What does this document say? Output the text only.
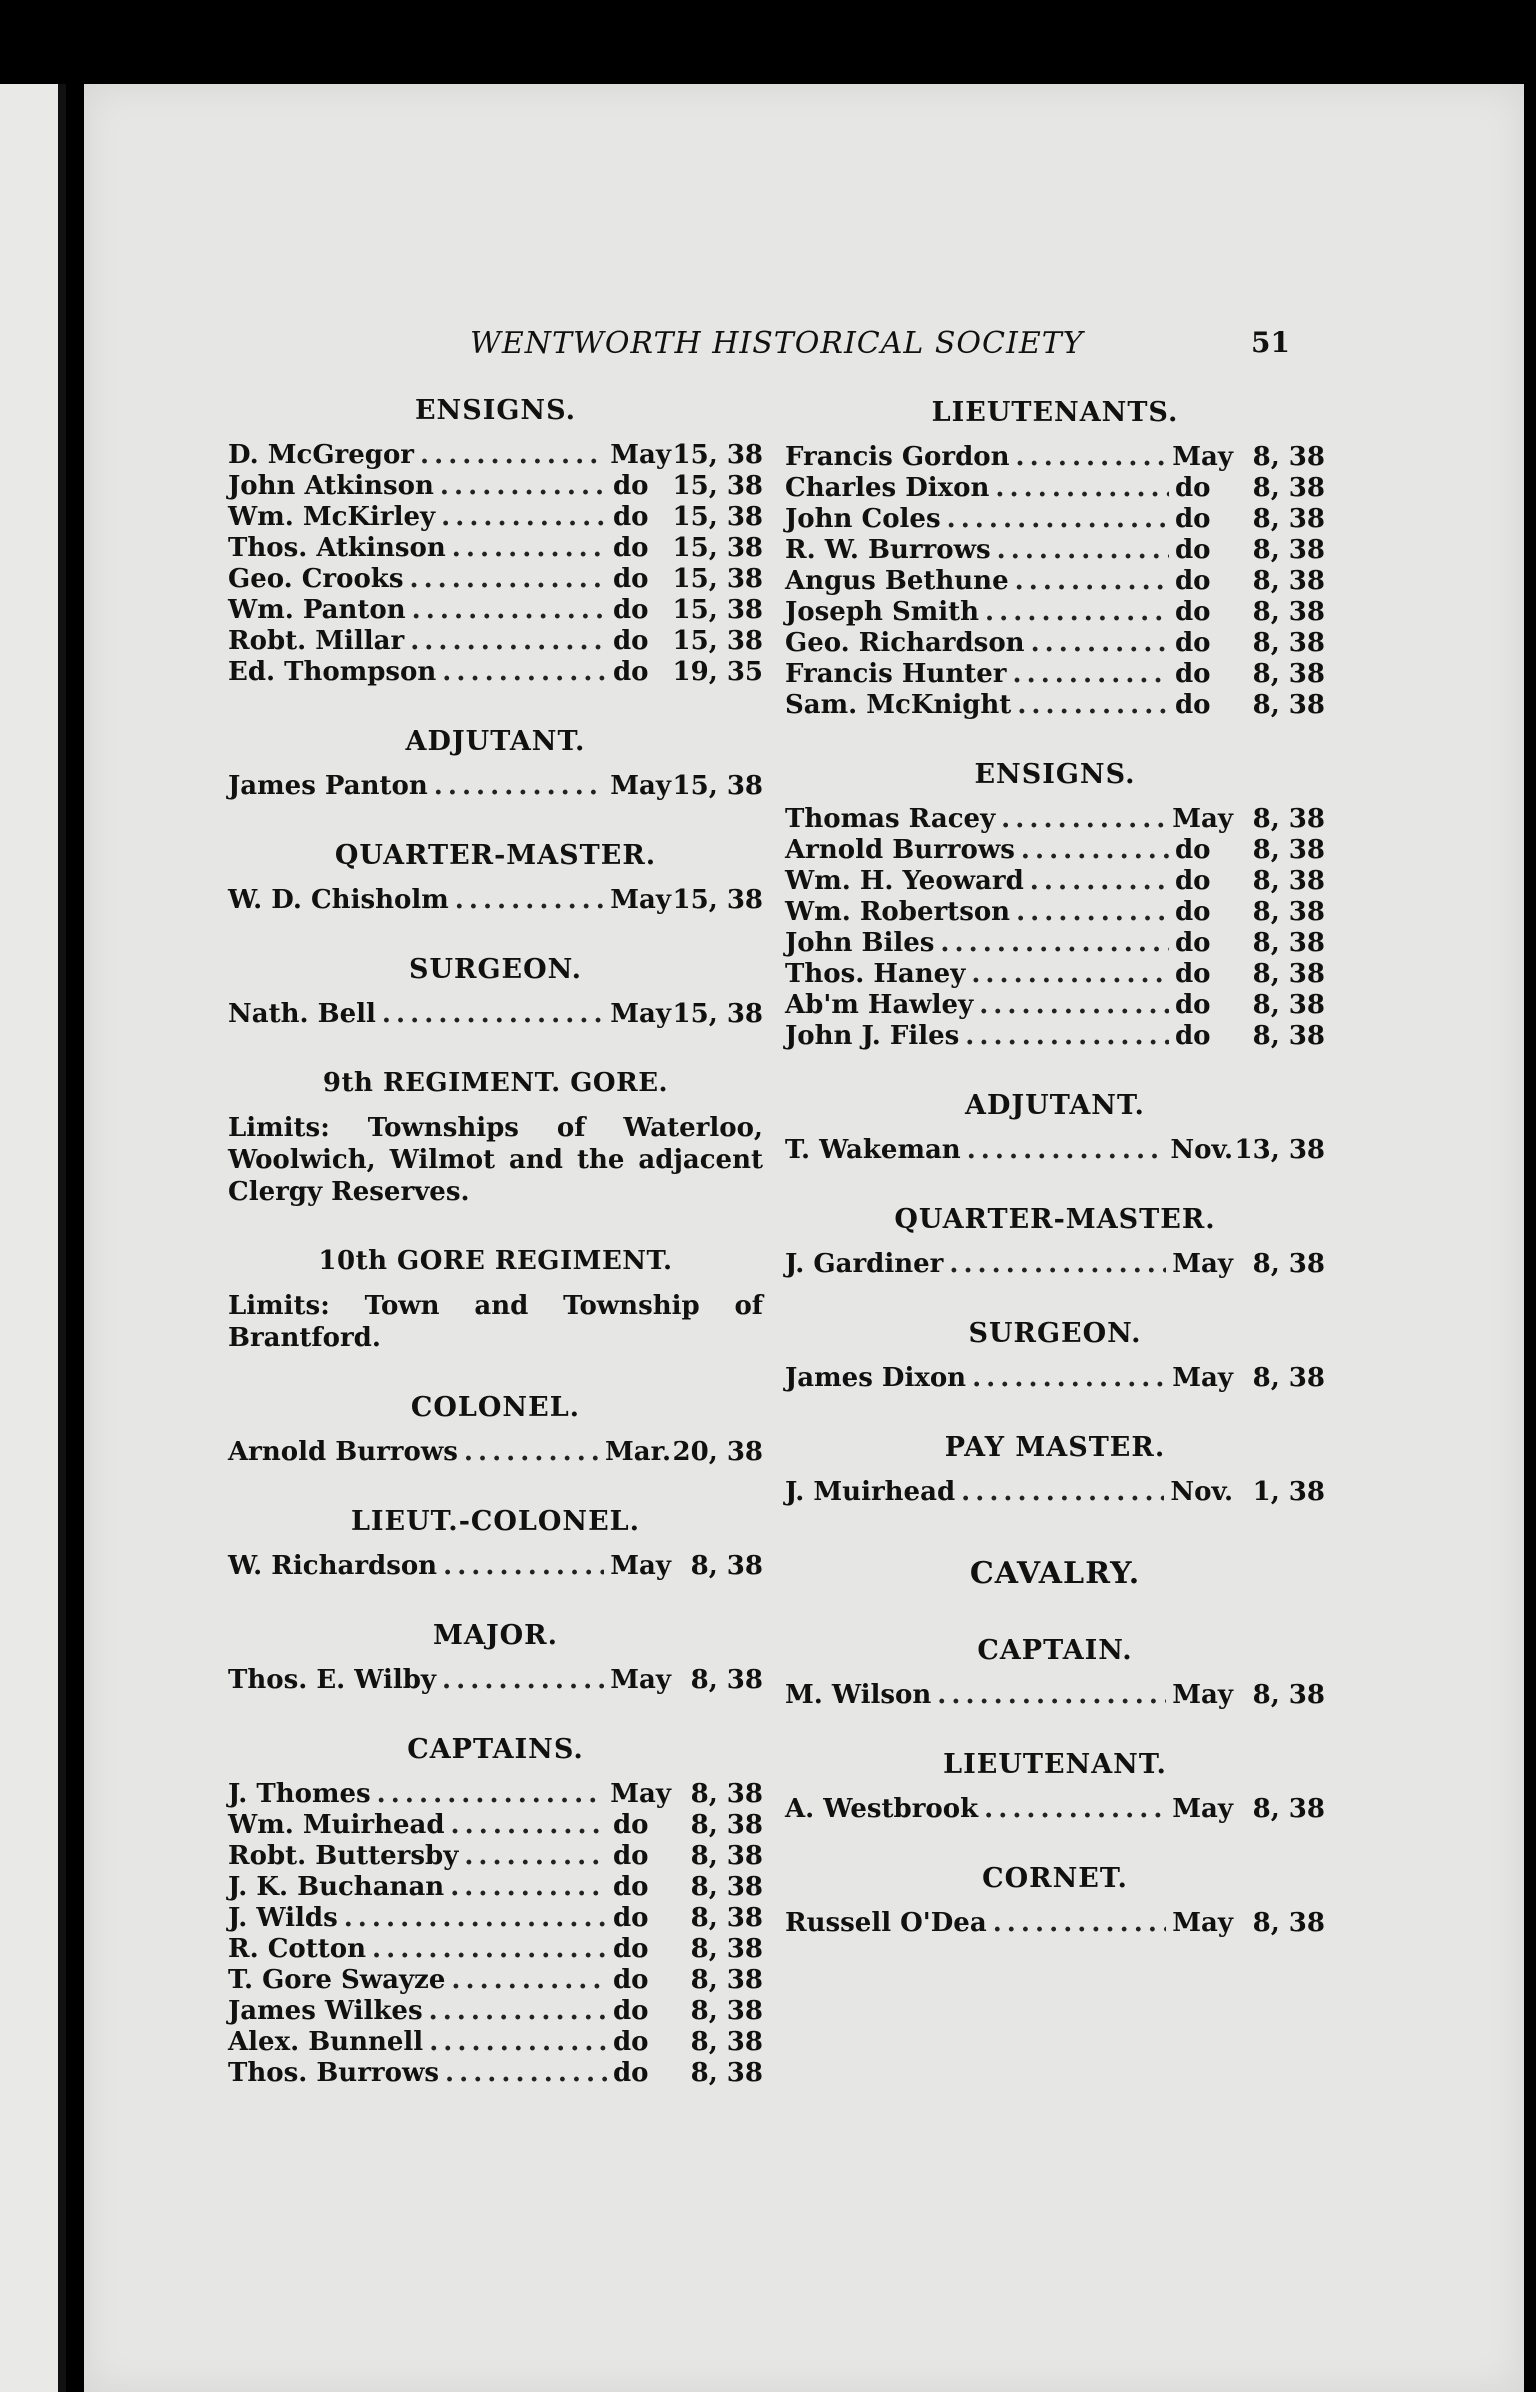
WENTWORTH HISTORICAL SOCIETY	51
ENSIGNS.
D. McGregor . . .	May 15, 38
John Atkinson . . .	do 15, 38
Wm. McKirley . . .	do 15, 38
Thos. Atkinson . . .	do 15, 38
Geo. Crooks . . .	do 15, 38
Wm. Panton . . .	do 15, 38
Robt. Millar . . .	do 15, 38
Ed. Thompson . . .	do 19, 35
ADJUTANT.
James Panton . . .	May 15, 38
QUARTER-MASTER.
W. D. Chisholm . . .	May 15, 38
SURGEON.
Nath. Bell . . .	May 15, 38
9th REGIMENT. GORE.

Limits: Townships of Waterloo, Woolwich, Wilmot and the adjacent Clergy Reserves.

10th GORE REGIMENT.

Limits: Town and Township of Brantford.

COLONEL.
Arnold Burrows . . .	Mar. 20, 38
LIEUT.-COLONEL.
W. Richardson . . .	May 8, 38
MAJOR.
Thos. E. Wilby . . .	May 8, 38
CAPTAINS.
J. Thomes . . .	May 8, 38
Wm. Muirhead . . .	do	8, 38
Robt. Buttersby . . .	do	8, 38
J. K. Buchanan . . .	do	8, 38
J. Wilds . . .	do	8, 38
R. Cotton . . .	do	8, 38
T. Gore Swayze . . .	do	8, 38
James Wilkes . . .	do	8, 38
Alex. Bunnell . . .	do	8, 38
Thos. Burrows . . .	do	8, 38
LIEUTENANTS.
Francis Gordon . . .	May 8, 38
Charles Dixon . . .	do	8, 38
John Coles . . .	do	8, 38
R. W. Burrows . . .	do	8, 38
Angus Bethune . . .	do	8, 38
Joseph Smith . . .	do	8, 38
Geo. Richardson . . .	do	8, 38
Francis Hunter . . .	do	8, 38
Sam. McKnight . . .	do	8, 38
ENSIGNS.
Thomas Racey . . .	May 8, 38
Arnold Burrows . . .	do	8, 38
Wm. H. Yeoward . . .	do	8, 38
Wm. Robertson . . .	do	8, 38
John Biles . . .	do	8, 38
Thos. Haney . . .	do	8, 38
Ab'm Hawley . . .	do	8, 38
John J. Files . . .	do	8, 38
ADJUTANT.
T. Wakeman . . .	Nov. 13, 38
QUARTER-MASTER.
J. Gardiner . . .	May 8, 38
SURGEON.
James Dixon . . .	May 8, 38
PAY MASTER.
J. Muirhead . . .	Nov. 1, 38
CAVALRY.
CAPTAIN.
M. Wilson . . .	May 8, 38
LIEUTENANT.
A. Westbrook . . .	May 8, 38
CORNET.
Russell O'Dea . . .	May 8, 38
